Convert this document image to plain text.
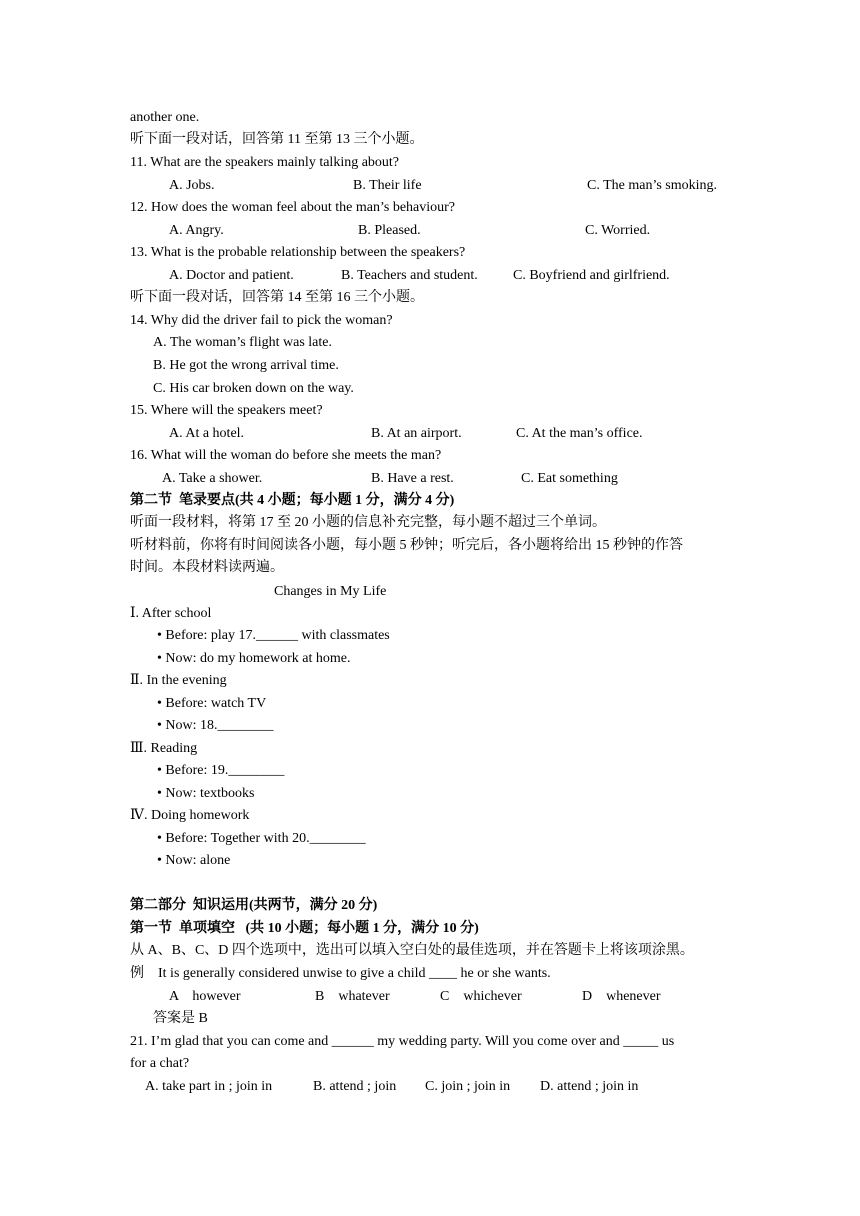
another one.
听下面一段对话，回答第 11 至第 13 三个小题。
11. What are the speakers mainly talking about?
A. Jobs.	B. Their life	C. The man’s smoking.
12. How does the woman feel about the man’s behaviour?
A. Angry.	B. Pleased.	C. Worried.
13. What is the probable relationship between the speakers?
A. Doctor and patient.	B. Teachers and student.	C. Boyfriend and girlfriend.
听下面一段对话，回答第 14 至第 16 三个小题。
14. Why did the driver fail to pick the woman?
A. The woman’s flight was late.
B. He got the wrong arrival time.
C. His car broken down on the way.
15. Where will the speakers meet?
A. At a hotel.	B. At an airport.	C. At the man’s office.
16. What will the woman do before she meets the man?
A. Take a shower.	B. Have a rest.	C. Eat something
第二节  笔录要点(共 4 小题；每小题 1 分，满分 4 分)
听面一段材料，将第 17 至 20 小题的信息补充完整，每小题不超过三个单词。
听材料前，你将有时间阅读各小题，每小题 5 秒钟；听完后，各小题将给出 15 秒钟的作答
时间。本段材料读两遍。
Changes in My Life
Ⅰ. After school
• Before: play 17.______ with classmates
• Now: do my homework at home.
Ⅱ. In the evening
• Before: watch TV
• Now: 18.________
Ⅲ. Reading
• Before: 19.________
• Now: textbooks
Ⅳ. Doing homework
• Before: Together with 20.________
• Now: alone
第二部分  知识运用(共两节，满分 20 分)
第一节  单项填空   (共 10 小题；每小题 1 分，满分 10 分)
从 A、B、C、D 四个选项中，选出可以填入空白处的最佳选项，并在答题卡上将该项涂黑。
例    It is generally considered unwise to give a child ____ he or she wants.
A    however	B    whatever	C    whichever	D    whenever
答案是 B
21. I’m glad that you can come and ______ my wedding party. Will you come over and _____ us
for a chat?
A. take part in ; join in	B. attend ; join C. join ; join in D. attend ; join in
